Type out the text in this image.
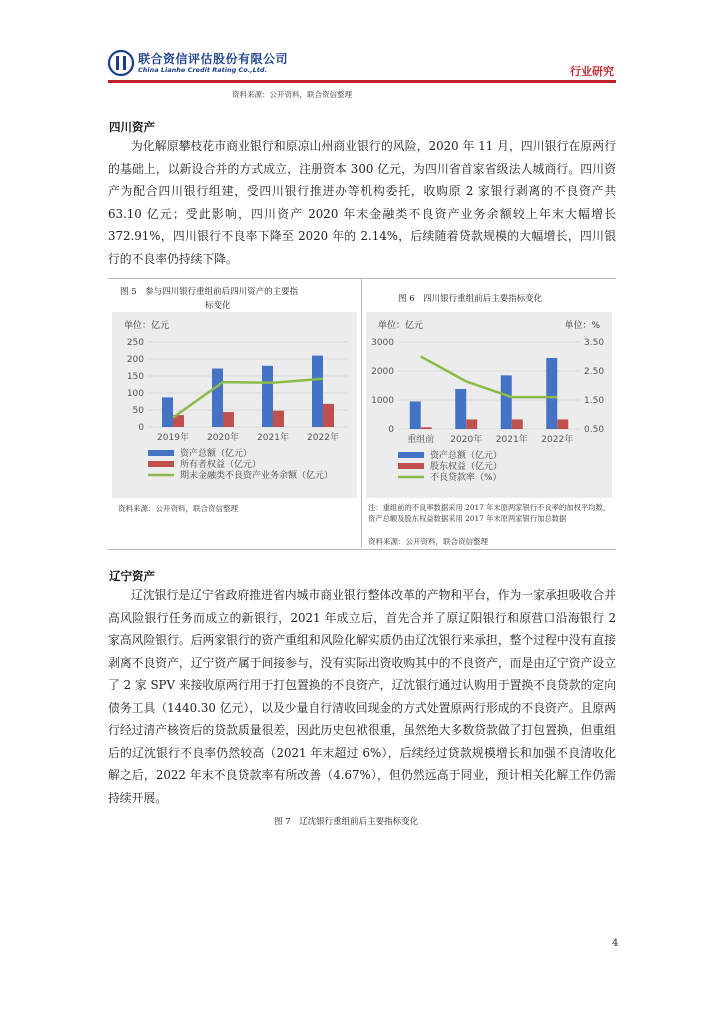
联合资信评估股份有限公司
China Lianhe Credit Rating Co.,Ltd.	行业研究
资料来源：公开资料，联合资信整理
四川资产

为化解原攀枝花市商业银行和原凉山州商业银行的风险，2020 年 11 月，四川银行在原两行的基础上，以新设合并的方式成立，注册资本 300 亿元，为四川省首家省级法人城商行。四川资产为配合四川银行组建，受四川银行推进办等机构委托，收购原 2 家银行剥离的不良资产共 63.10 亿元；受此影响，四川资产 2020 年末金融类不良资产业务余额较上年末大幅增长 372.91%，四川银行不良率下降至 2020 年的 2.14%，后续随着贷款规模的大幅增长，四川银行的不良率仍持续下降。

图 5　参与四川银行重组前后四川资产的主要指
标变化
单位：亿元
0
50
100
150
200
250
2019年 2020年 2021年 2022年
资产总额（亿元）
所有者权益（亿元）
期末金融类不良资产业务余额（亿元）
资料来源：公开资料，联合资信整理
图 6　四川银行重组前后主要指标变化
单位：亿元	单位：%
0
1000
2000
3000
0.50
1.50
2.50
3.50
重组前 2020年 2021年 2022年
资产总额（亿元）
股东权益（亿元）
不良贷款率（%）
注：重组前的不良率数据采用 2017 年末原两家银行不良率的加权平均数，资产总额及股东权益数据采用 2017 年末原两家银行加总数据
资料来源：公开资料，联合资信整理
辽宁资产

辽沈银行是辽宁省政府推进省内城市商业银行整体改革的产物和平台，作为一家承担吸收合并高风险银行任务而成立的新银行，2021 年成立后，首先合并了原辽阳银行和原营口沿海银行 2 家高风险银行。后两家银行的资产重组和风险化解实质仍由辽沈银行来承担，整个过程中没有直接剥离不良资产，辽宁资产属于间接参与，没有实际出资收购其中的不良资产，而是由辽宁资产设立了 2 家 SPV 来接收原两行用于打包置换的不良资产，辽沈银行通过认购用于置换不良贷款的定向债务工具（1440.30 亿元），以及少量自行清收回现金的方式处置原两行形成的不良资产。且原两行经过清产核资后的贷款质量很差，因此历史包袱很重，虽然绝大多数贷款做了打包置换，但重组后的辽沈银行不良率仍然较高（2021 年末超过 6%），后续经过贷款规模增长和加强不良清收化解之后，2022 年末不良贷款率有所改善（4.67%），但仍然远高于同业，预计相关化解工作仍需持续开展。

图 7　辽沈银行重组前后主要指标变化
4
